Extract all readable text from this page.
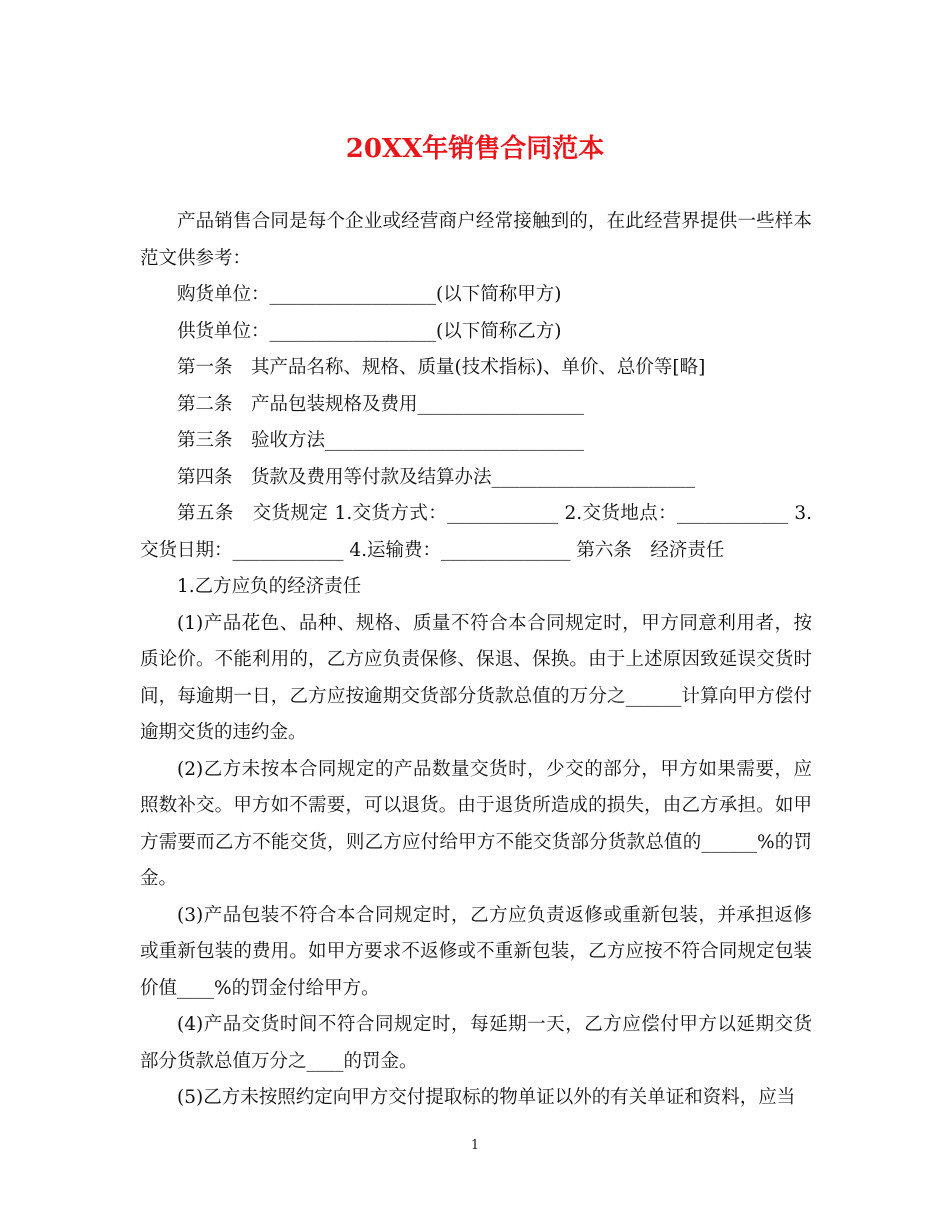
20XX年销售合同范本

产品销售合同是每个企业或经营商户经常接触到的，在此经营界提供一些样本范文供参考：

购货单位：__________________(以下简称甲方)

供货单位：__________________(以下简称乙方)

第一条　其产品名称、规格、质量(技术指标)、单价、总价等[略]

第二条　产品包装规格及费用__________________

第三条　验收方法____________________________

第四条　货款及费用等付款及结算办法______________________

第五条　交货规定 1.交货方式：____________ 2.交货地点：____________ 3.交货日期：____________ 4.运输费：______________ 第六条　经济责任

1.乙方应负的经济责任

(1)产品花色、品种、规格、质量不符合本合同规定时，甲方同意利用者，按质论价。不能利用的，乙方应负责保修、保退、保换。由于上述原因致延误交货时间，每逾期一日，乙方应按逾期交货部分货款总值的万分之______计算向甲方偿付逾期交货的违约金。

(2)乙方未按本合同规定的产品数量交货时，少交的部分，甲方如果需要，应照数补交。甲方如不需要，可以退货。由于退货所造成的损失，由乙方承担。如甲方需要而乙方不能交货，则乙方应付给甲方不能交货部分货款总值的______%的罚金。

(3)产品包装不符合本合同规定时，乙方应负责返修或重新包装，并承担返修或重新包装的费用。如甲方要求不返修或不重新包装，乙方应按不符合同规定包装价值____%的罚金付给甲方。

(4)产品交货时间不符合同规定时，每延期一天，乙方应偿付甲方以延期交货部分货款总值万分之____的罚金。

(5)乙方未按照约定向甲方交付提取标的物单证以外的有关单证和资料，应当

1
